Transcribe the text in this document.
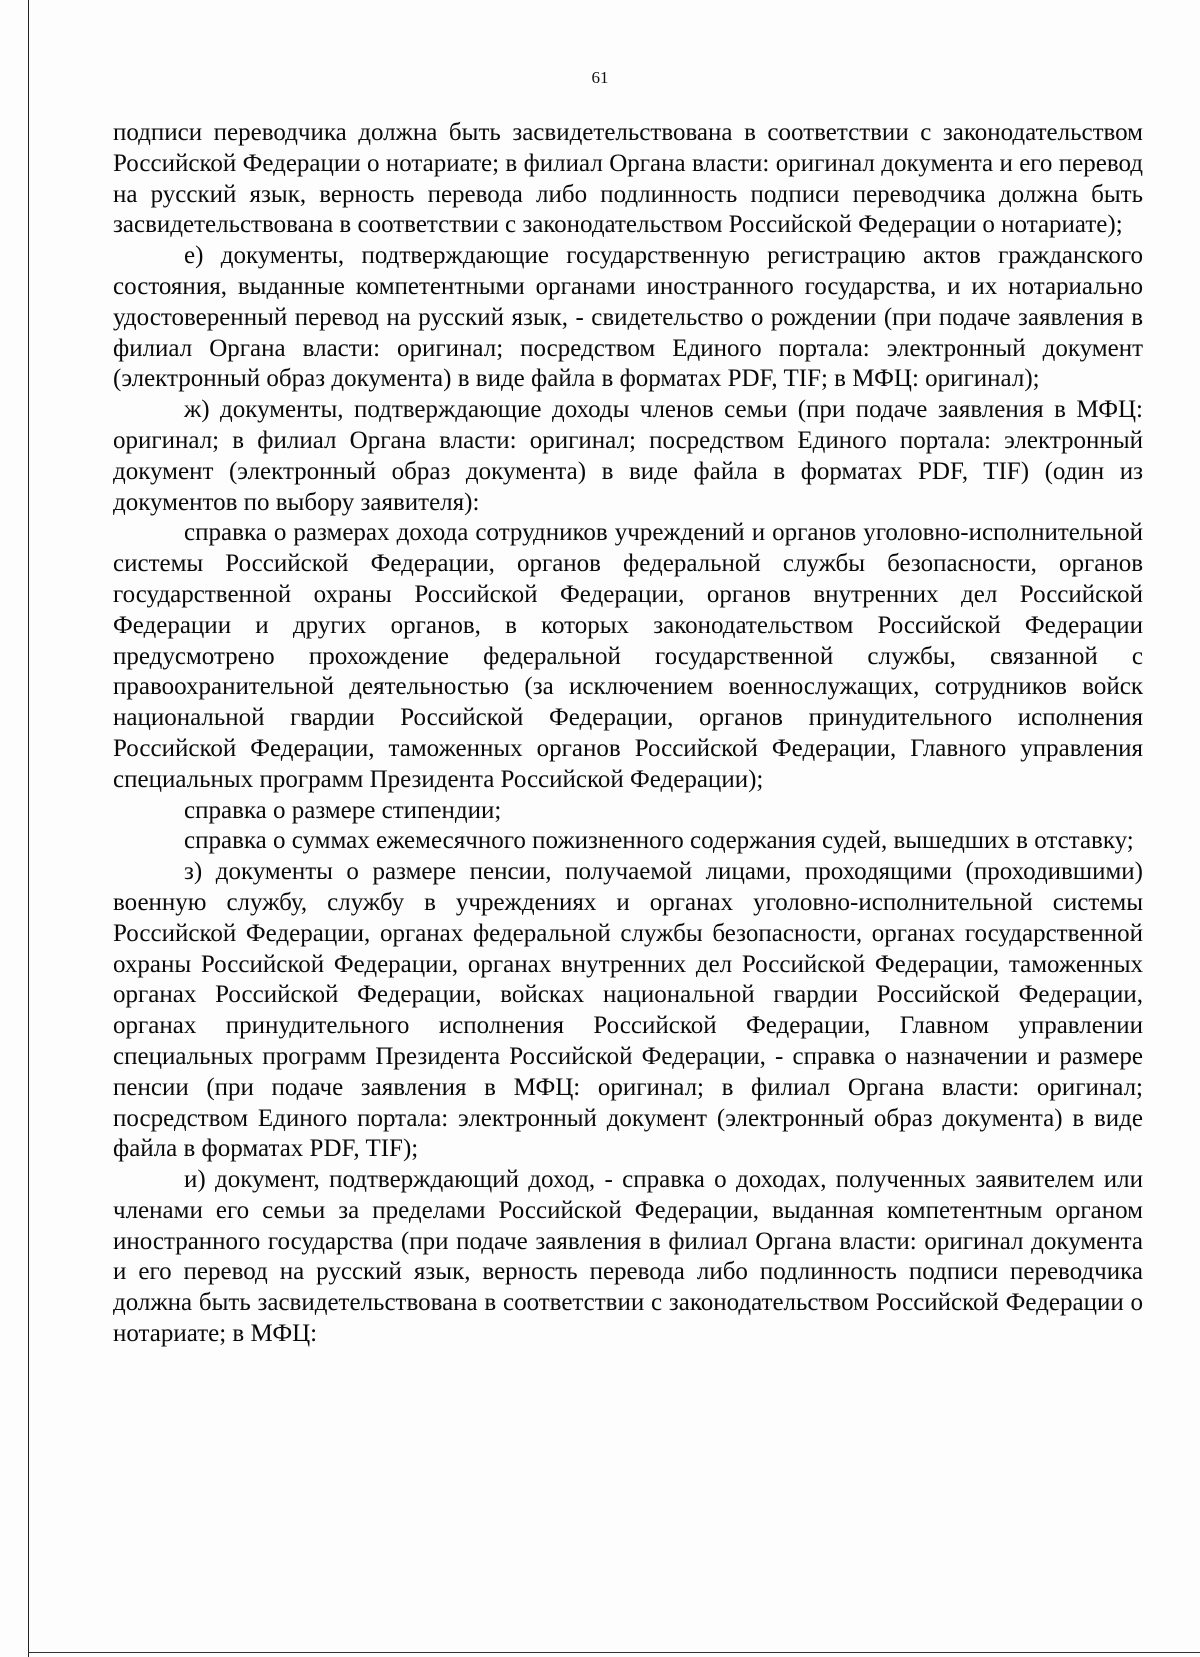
61

подписи переводчика должна быть засвидетельствована в соответствии с законодательством Российской Федерации о нотариате; в филиал Органа власти: оригинал документа и его перевод на русский язык, верность перевода либо подлинность подписи переводчика должна быть засвидетельствована в соответствии с законодательством Российской Федерации о нотариате);

е) документы, подтверждающие государственную регистрацию актов гражданского состояния, выданные компетентными органами иностранного государства, и их нотариально удостоверенный перевод на русский язык, - свидетельство о рождении (при подаче заявления в филиал Органа власти: оригинал; посредством Единого портала: электронный документ (электронный образ документа) в виде файла в форматах PDF, TIF; в МФЦ: оригинал);

ж) документы, подтверждающие доходы членов семьи (при подаче заявления в МФЦ: оригинал; в филиал Органа власти: оригинал; посредством Единого портала: электронный документ (электронный образ документа) в виде файла в форматах PDF, TIF) (один из документов по выбору заявителя):

справка о размерах дохода сотрудников учреждений и органов уголовно-исполнительной системы Российской Федерации, органов федеральной службы безопасности, органов государственной охраны Российской Федерации, органов внутренних дел Российской Федерации и других органов, в которых законодательством Российской Федерации предусмотрено прохождение федеральной государственной службы, связанной с правоохранительной деятельностью (за исключением военнослужащих, сотрудников войск национальной гвардии Российской Федерации, органов принудительного исполнения Российской Федерации, таможенных органов Российской Федерации, Главного управления специальных программ Президента Российской Федерации);

справка о размере стипендии;

справка о суммах ежемесячного пожизненного содержания судей, вышедших в отставку;

з) документы о размере пенсии, получаемой лицами, проходящими (проходившими) военную службу, службу в учреждениях и органах уголовно-исполнительной системы Российской Федерации, органах федеральной службы безопасности, органах государственной охраны Российской Федерации, органах внутренних дел Российской Федерации, таможенных органах Российской Федерации, войсках национальной гвардии Российской Федерации, органах принудительного исполнения Российской Федерации, Главном управлении специальных программ Президента Российской Федерации, - справка о назначении и размере пенсии (при подаче заявления в МФЦ: оригинал; в филиал Органа власти: оригинал; посредством Единого портала: электронный документ (электронный образ документа) в виде файла в форматах PDF, TIF);

и) документ, подтверждающий доход, - справка о доходах, полученных заявителем или членами его семьи за пределами Российской Федерации, выданная компетентным органом иностранного государства (при подаче заявления в филиал Органа власти: оригинал документа и его перевод на русский язык, верность перевода либо подлинность подписи переводчика должна быть засвидетельствована в соответствии с законодательством Российской Федерации о нотариате; в МФЦ:
